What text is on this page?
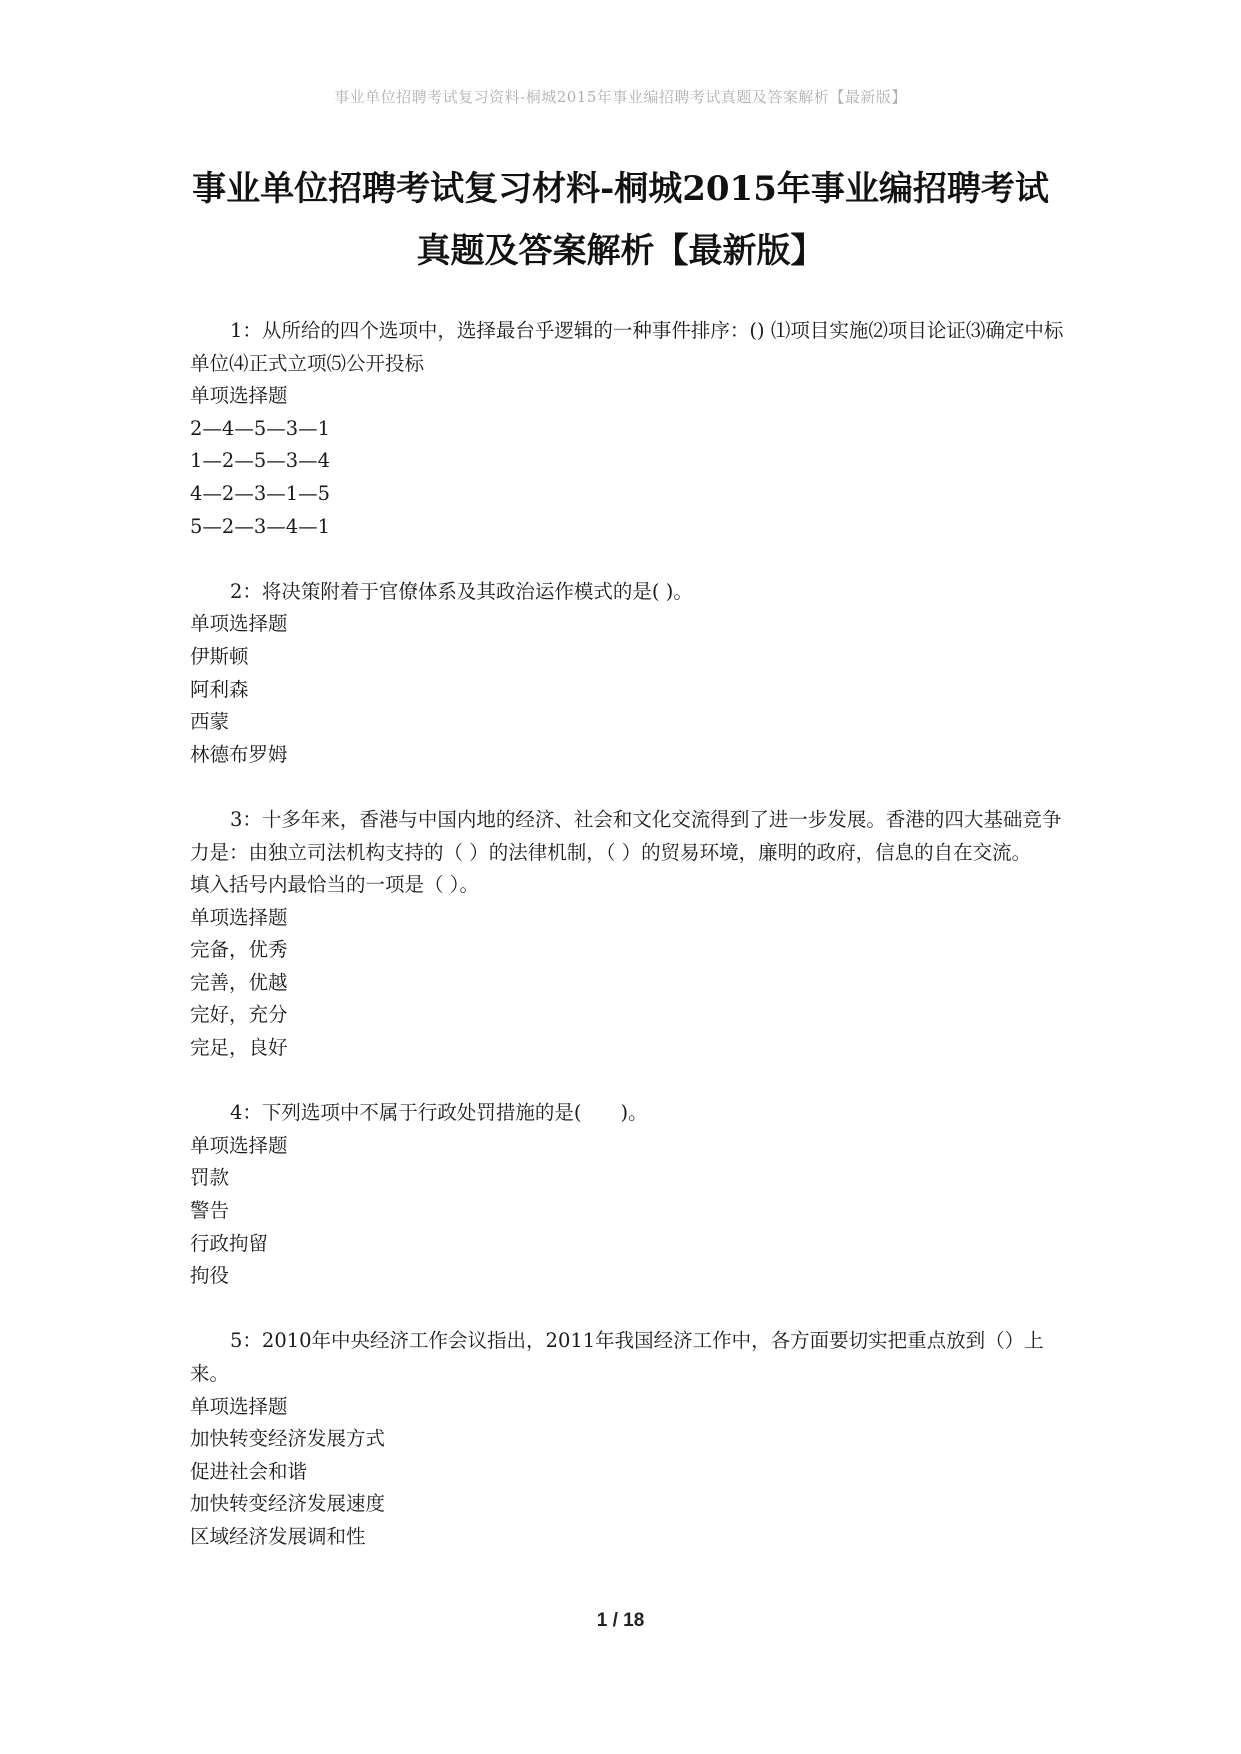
事业单位招聘考试复习资料-桐城2015年事业编招聘考试真题及答案解析【最新版】
事业单位招聘考试复习材料-桐城2015年事业编招聘考试
真题及答案解析【最新版】

1：从所给的四个选项中，选择最台乎逻辑的一种事件排序：() ⑴项目实施⑵项目论证⑶确定中标单位⑷正式立项⑸公开投标

单项选择题

2—4—5—3—1

1—2—5—3—4

4—2—3—1—5

5—2—3—4—1

2：将决策附着于官僚体系及其政治运作模式的是( )。

单项选择题

伊斯顿

阿利森

西蒙

林德布罗姆

3：十多年来，香港与中国内地的经济、社会和文化交流得到了进一步发展。香港的四大基础竞争力是：由独立司法机构支持的（ ）的法律机制，（ ）的贸易环境，廉明的政府，信息的自在交流。　　填入括号内最恰当的一项是（ ）。

单项选择题

完备，优秀

完善，优越

完好，充分

完足，良好

4：下列选项中不属于行政处罚措施的是(　　)。

单项选择题

罚款

警告

行政拘留

拘役

5：2010年中央经济工作会议指出，2011年我国经济工作中，各方面要切实把重点放到（）上来。

单项选择题

加快转变经济发展方式

促进社会和谐

加快转变经济发展速度

区域经济发展调和性

1 / 18
